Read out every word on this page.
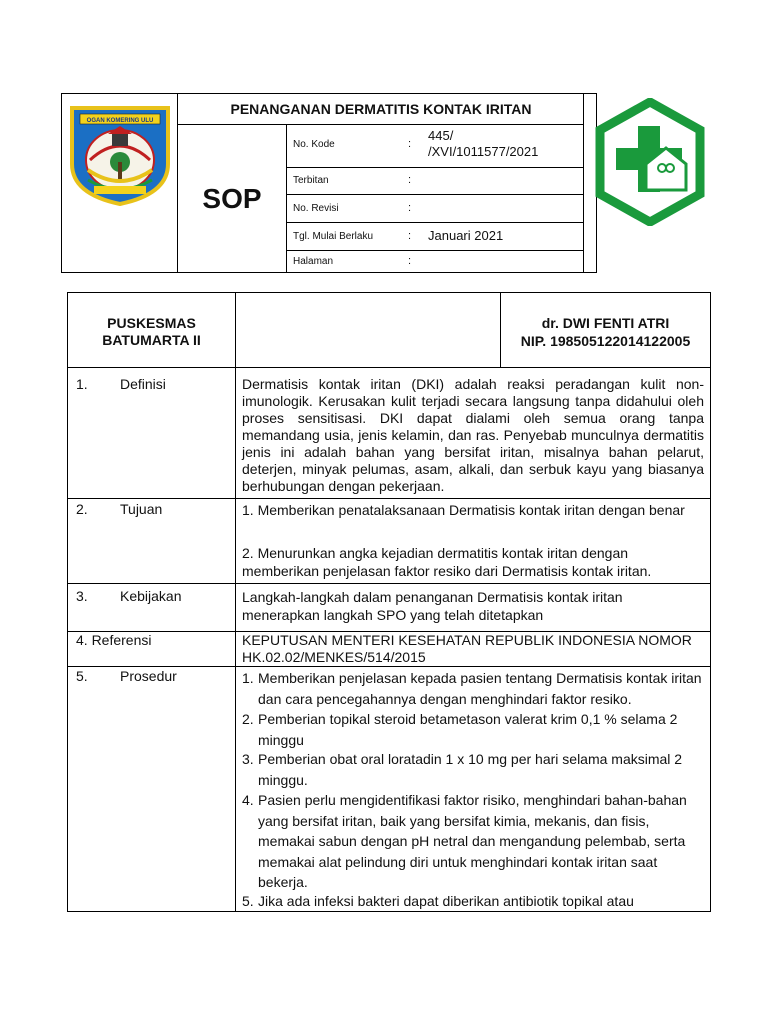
OGAN KOMERING ULU
PENANGANAN DERMATITIS KONTAK IRITAN
SOP
No. Kode	:
445/
/XVI/1011577/2021
Terbitan	:
No. Revisi	:
Tgl. Mulai Berlaku	: Januari 2021
Halaman	:
PUSKESMAS
BATUMARTA II
dr. DWI FENTI ATRI
NIP. 198505122014122005
1. Definisi	Dermatisis kontak iritan (DKI) adalah reaksi peradangan kulit non-imunologik. Kerusakan kulit terjadi secara langsung tanpa didahului oleh proses sensitisasi. DKI dapat dialami oleh semua orang tanpa memandang usia, jenis kelamin, dan ras. Penyebab munculnya dermatitis jenis ini adalah bahan yang bersifat iritan, misalnya bahan pelarut, deterjen, minyak pelumas, asam, alkali, dan serbuk kayu yang biasanya berhubungan dengan pekerjaan.
2. Tujuan	1. Memberikan penatalaksanaan Dermatisis kontak iritan dengan benar
2. Menurunkan angka kejadian dermatitis kontak iritan dengan memberikan penjelasan faktor resiko dari Dermatisis kontak iritan.
3. Kebijakan	Langkah-langkah dalam penanganan Dermatisis kontak iritan menerapkan langkah SPO yang telah ditetapkan
4. Referensi	KEPUTUSAN MENTERI KESEHATAN REPUBLIK INDONESIA NOMOR HK.02.02/MENKES/514/2015
5. Prosedur	1. Memberikan penjelasan kepada pasien tentang Dermatisis kontak iritan dan cara pencegahannya dengan menghindari faktor resiko.
2. Pemberian topikal steroid betametason valerat krim 0,1 % selama 2 minggu
3. Pemberian obat oral loratadin 1 x 10 mg per hari selama maksimal 2 minggu.
4. Pasien perlu mengidentifikasi faktor risiko, menghindari bahan-bahan yang bersifat iritan, baik yang bersifat kimia, mekanis, dan fisis, memakai sabun dengan pH netral dan mengandung pelembab, serta memakai alat pelindung diri untuk menghindari kontak iritan saat bekerja.
5. Jika ada infeksi bakteri dapat diberikan antibiotik topikal atau
